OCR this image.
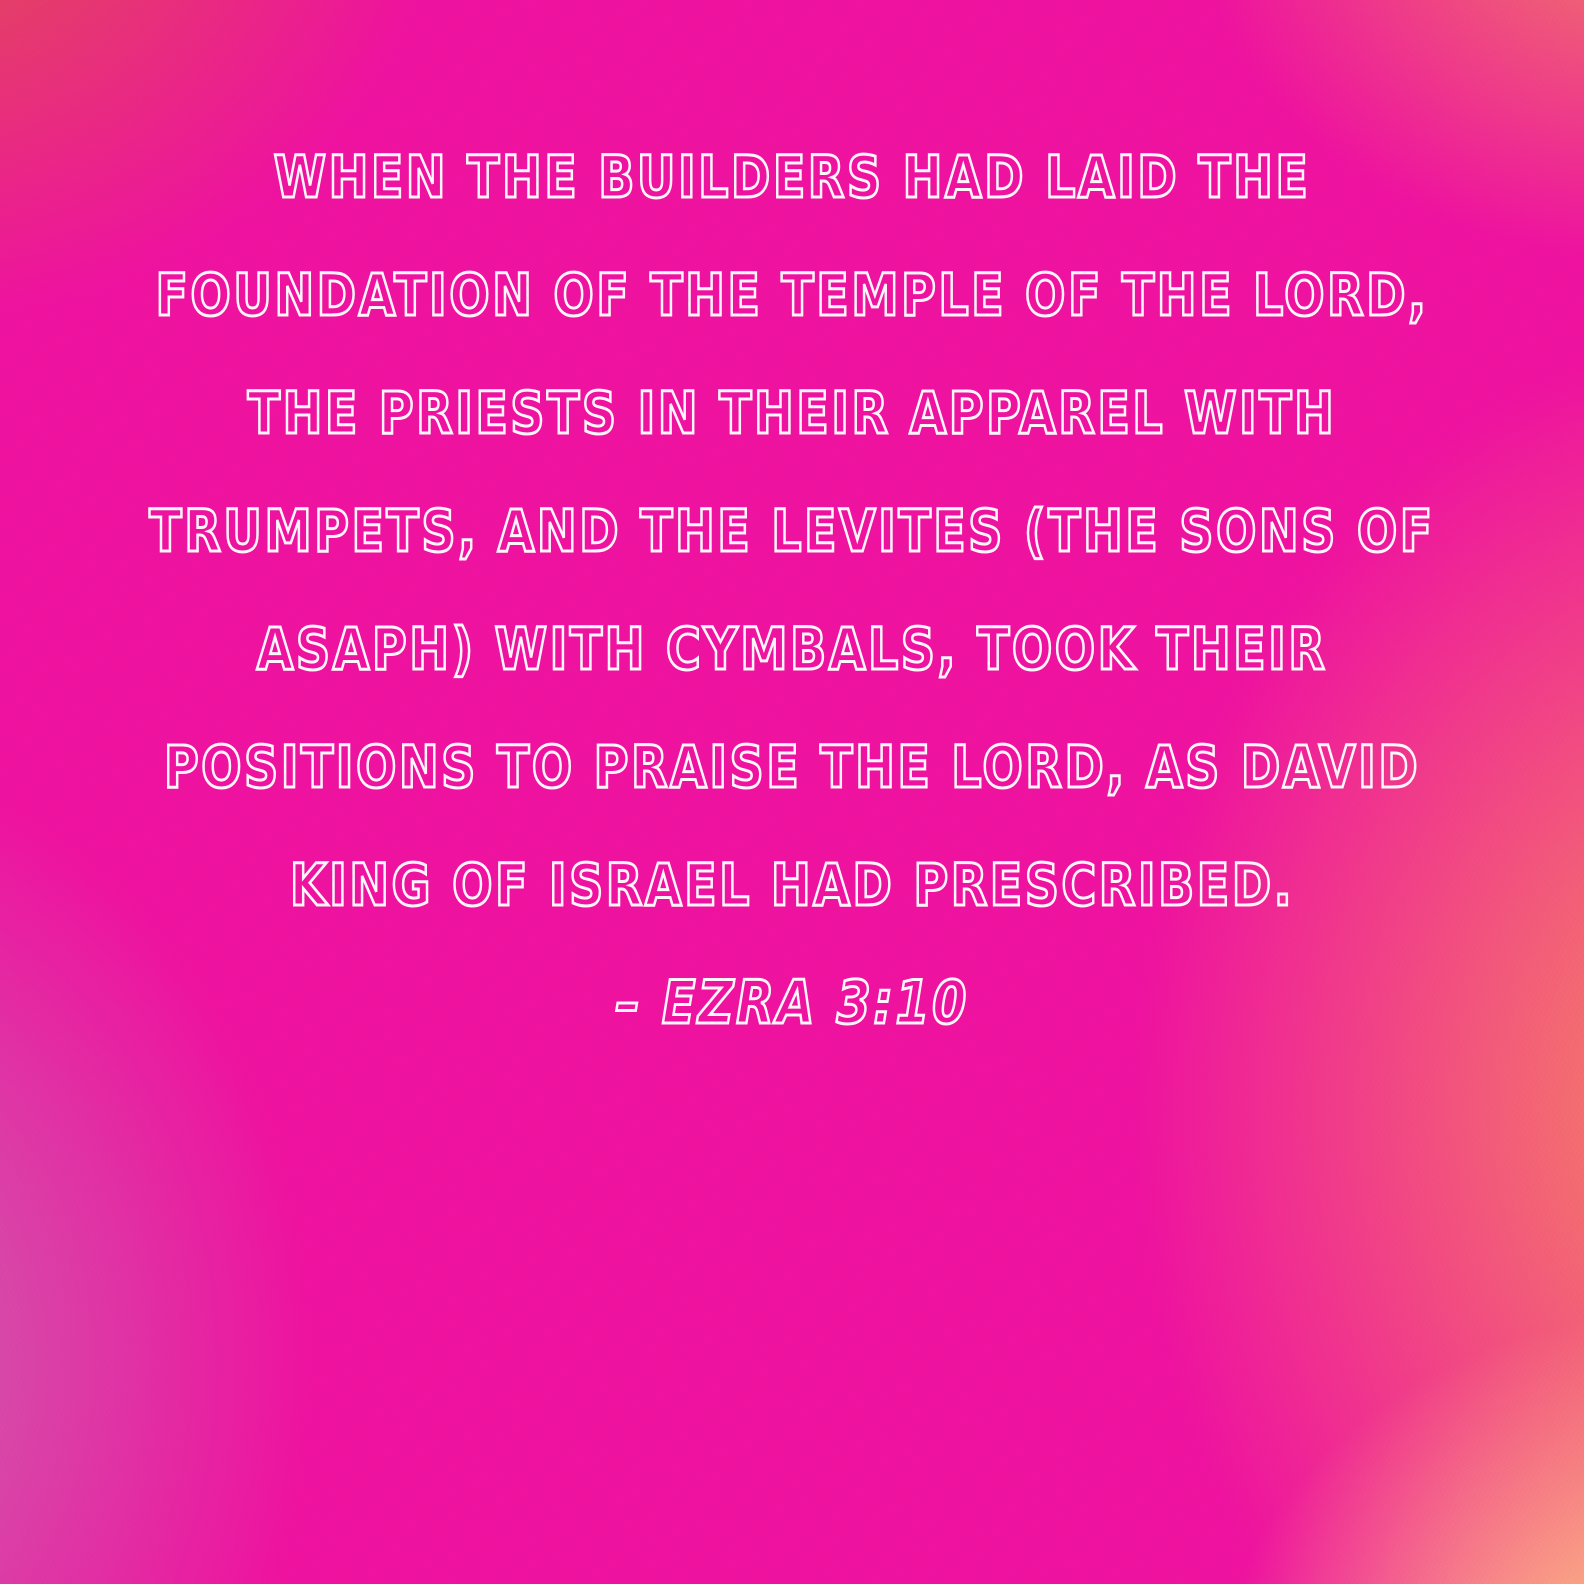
WHEN THE BUILDERS HAD LAID THE
FOUNDATION OF THE TEMPLE OF THE LORD,
THE PRIESTS IN THEIR APPAREL WITH
TRUMPETS, AND THE LEVITES (THE SONS OF
ASAPH) WITH CYMBALS, TOOK THEIR
POSITIONS TO PRAISE THE LORD, AS DAVID
KING OF ISRAEL HAD PRESCRIBED.
– EZRA 3:10
